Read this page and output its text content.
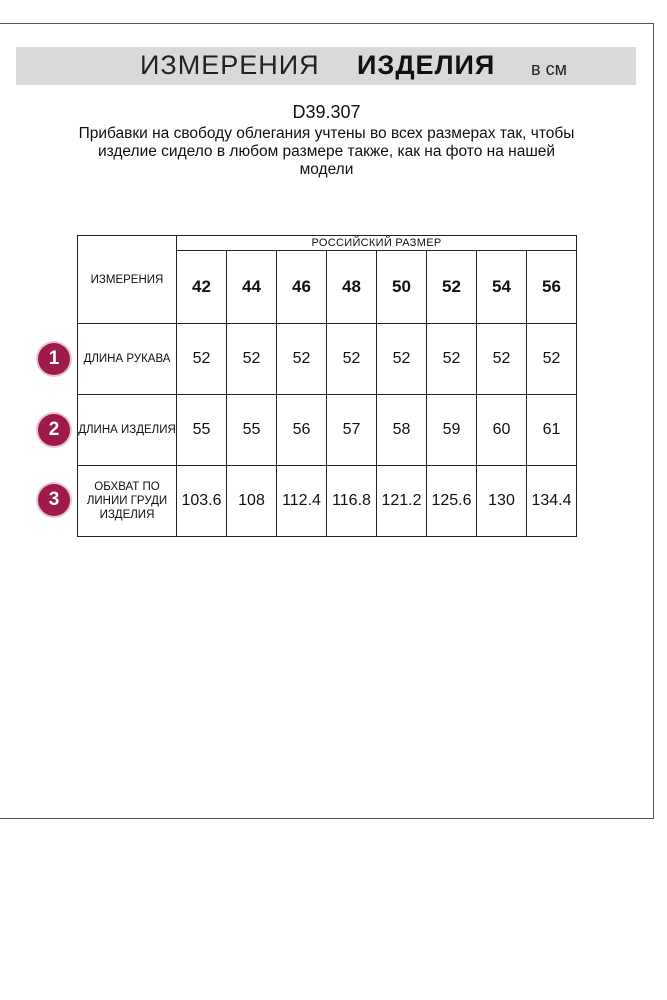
ИЗМЕРЕНИЯ ИЗДЕЛИЯ в см
D39.307
Прибавки на свободу облегания учтены во всех размерах так, чтобы изделие сидело в любом размере также, как на фото на нашей модели
ИЗМЕРЕНИЯ	РОССИЙСКИЙ РАЗМЕР							
	42	44	46	48	50	52	54	56
ДЛИНА РУКАВА	52	52	52	52	52	52	52	52
ДЛИНА ИЗДЕЛИЯ	55	55	56	57	58	59	60	61
ОБХВАТ ПО ЛИНИИ ГРУДИ ИЗДЕЛИЯ	103.6	108	112.4	116.8	121.2	125.6	130	134.4
1
2
3
